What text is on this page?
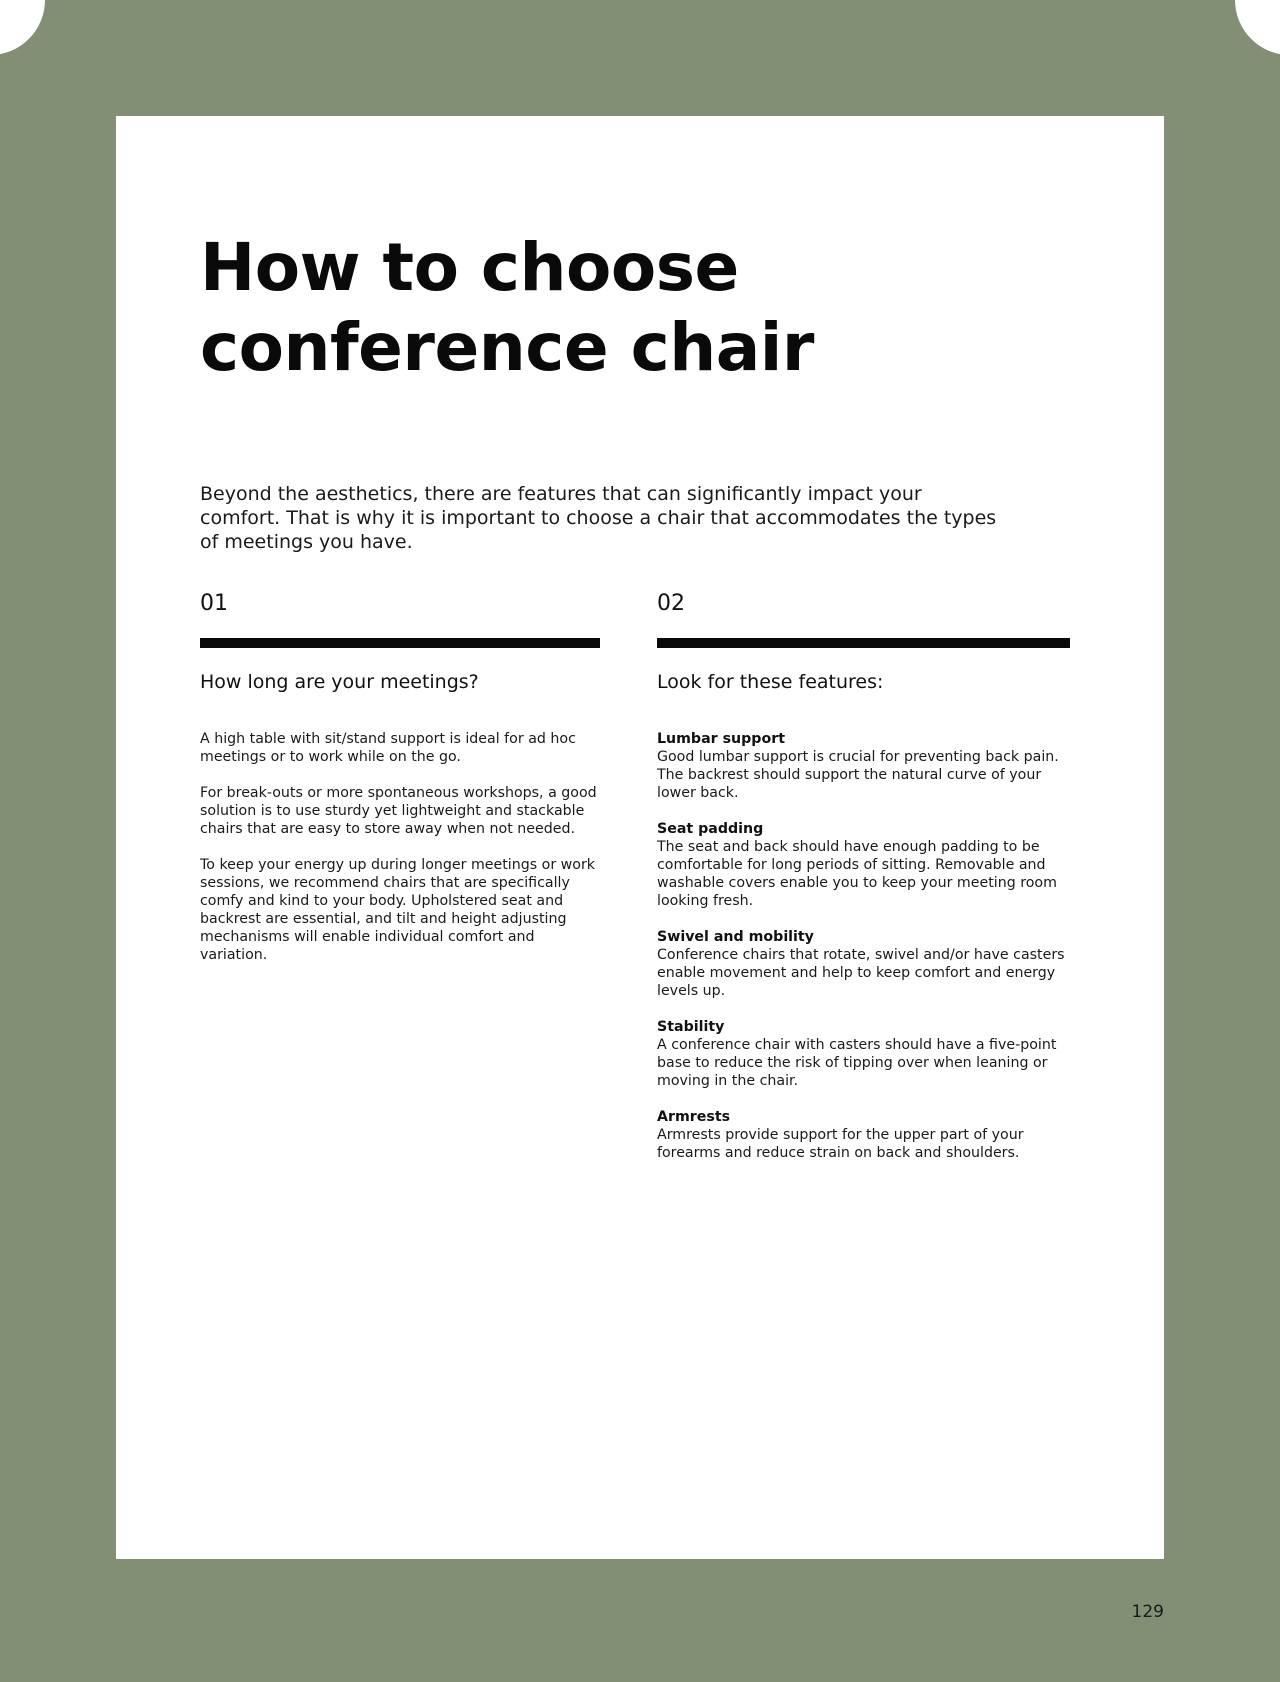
How to choose
conference chair

Beyond the aesthetics, there are features that can significantly impact your comfort. That is why it is important to choose a chair that accommodates the types of meetings you have.

01

How long are your meetings?

A high table with sit/stand support is ideal for ad hoc meetings or to work while on the go.

For break-outs or more spontaneous workshops, a good solution is to use sturdy yet lightweight and stackable chairs that are easy to store away when not needed.

To keep your energy up during longer meetings or work sessions, we recommend chairs that are specifically comfy and kind to your body. Upholstered seat and backrest are essential, and tilt and height adjusting mechanisms will enable individual comfort and variation.

02

Look for these features:
Lumbar support
Good lumbar support is crucial for preventing back pain. The backrest should support the natural curve of your lower back.
Seat padding
The seat and back should have enough padding to be comfortable for long periods of sitting. Removable and washable covers enable you to keep your meeting room looking fresh.
Swivel and mobility
Conference chairs that rotate, swivel and/or have casters enable movement and help to keep comfort and energy levels up.
Stability
A conference chair with casters should have a five-point base to reduce the risk of tipping over when leaning or moving in the chair.
Armrests
Armrests provide support for the upper part of your forearms and reduce strain on back and shoulders.
129
